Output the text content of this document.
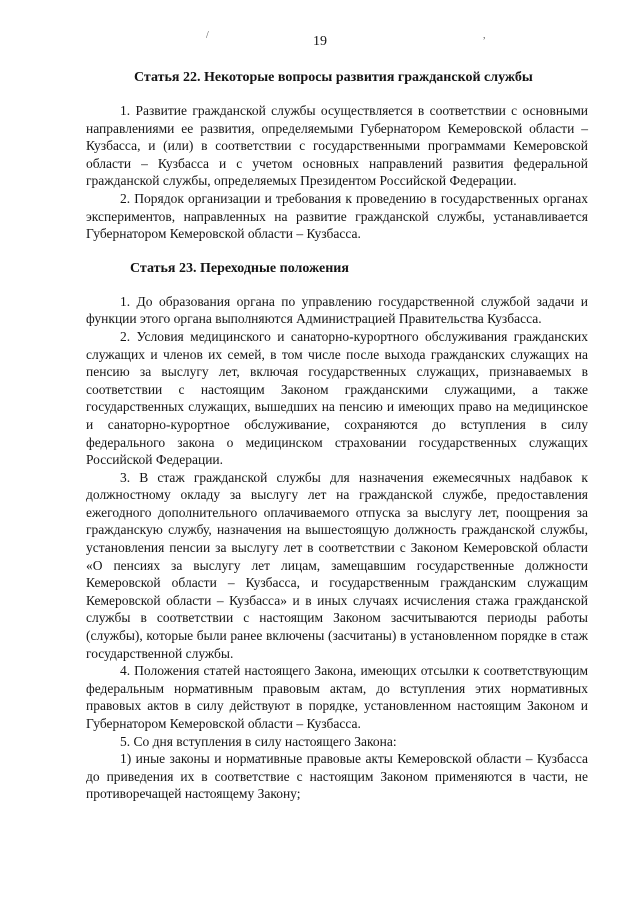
/	,
19
Статья 22. Некоторые вопросы развития гражданской службы

1. Развитие гражданской службы осуществляется в соответствии с основными направлениями ее развития, определяемыми Губернатором Кемеровской области – Кузбасса, и (или) в соответствии с государственными программами Кемеровской области – Кузбасса и с учетом основных направлений развития федеральной гражданской службы, определяемых Президентом Российской Федерации.

2. Порядок организации и требования к проведению в государственных органах экспериментов, направленных на развитие гражданской службы, устанавливается Губернатором Кемеровской области – Кузбасса.

Статья 23. Переходные положения

1. До образования органа по управлению государственной службой задачи и функции этого органа выполняются Администрацией Правительства Кузбасса.

2. Условия медицинского и санаторно-курортного обслуживания гражданских служащих и членов их семей, в том числе после выхода гражданских служащих на пенсию за выслугу лет, включая государственных служащих, признаваемых в соответствии с настоящим Законом гражданскими служащими, а также государственных служащих, вышедших на пенсию и имеющих право на медицинское и санаторно-курортное обслуживание, сохраняются до вступления в силу федерального закона о медицинском страховании государственных служащих Российской Федерации.

3. В стаж гражданской службы для назначения ежемесячных надбавок к должностному окладу за выслугу лет на гражданской службе, предоставления ежегодного дополнительного оплачиваемого отпуска за выслугу лет, поощрения за гражданскую службу, назначения на вышестоящую должность гражданской службы, установления пенсии за выслугу лет в соответствии с Законом Кемеровской области «О пенсиях за выслугу лет лицам, замещавшим государственные должности Кемеровской области – Кузбасса, и государственным гражданским служащим Кемеровской области – Кузбасса» и в иных случаях исчисления стажа гражданской службы в соответствии с настоящим Законом засчитываются периоды работы (службы), которые были ранее включены (засчитаны) в установленном порядке в стаж государственной службы.

4. Положения статей настоящего Закона, имеющих отсылки к соответствующим федеральным нормативным правовым актам, до вступления этих нормативных правовых актов в силу действуют в порядке, установленном настоящим Законом и Губернатором Кемеровской области – Кузбасса.

5. Со дня вступления в силу настоящего Закона:

1) иные законы и нормативные правовые акты Кемеровской области – Кузбасса до приведения их в соответствие с настоящим Законом применяются в части, не противоречащей настоящему Закону;
